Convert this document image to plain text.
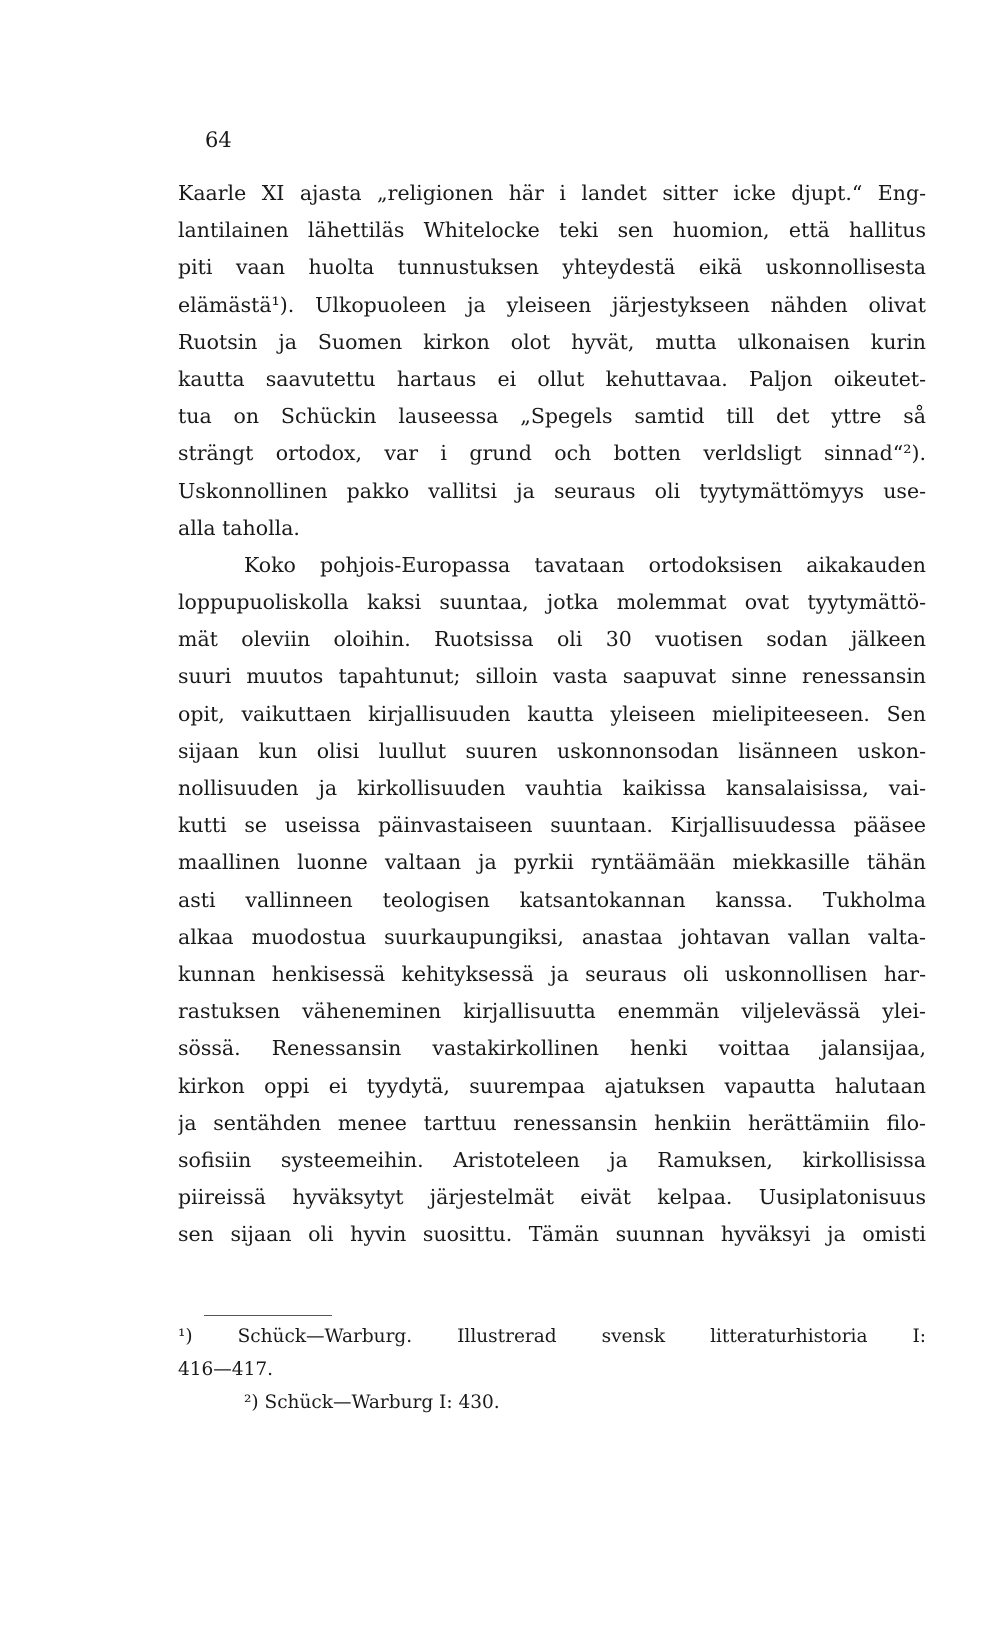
64
Kaarle XI ajasta „religionen här i landet sitter icke djupt.“ Eng-
lantilainen lähettiläs Whitelocke teki sen huomion, että hallitus
piti vaan huolta tunnustuksen yhteydestä eikä uskonnollisesta
elämästä¹). Ulkopuoleen ja yleiseen järjestykseen nähden olivat
Ruotsin ja Suomen kirkon olot hyvät, mutta ulkonaisen kurin
kautta saavutettu hartaus ei ollut kehuttavaa. Paljon oikeutet-
tua on Schückin lauseessa „Spegels samtid till det yttre så
strängt ortodox, var i grund och botten verldsligt sinnad“²).
Uskonnollinen pakko vallitsi ja seuraus oli tyytymättömyys use-
alla taholla.
Koko pohjois-Europassa tavataan ortodoksisen aikakauden
loppupuoliskolla kaksi suuntaa, jotka molemmat ovat tyytymättö-
mät oleviin oloihin. Ruotsissa oli 30 vuotisen sodan jälkeen
suuri muutos tapahtunut; silloin vasta saapuvat sinne renessansin
opit, vaikuttaen kirjallisuuden kautta yleiseen mielipiteeseen. Sen
sijaan kun olisi luullut suuren uskonnonsodan lisänneen uskon-
nollisuuden ja kirkollisuuden vauhtia kaikissa kansalaisissa, vai-
kutti se useissa päinvastaiseen suuntaan. Kirjallisuudessa pääsee
maallinen luonne valtaan ja pyrkii ryntäämään miekkasille tähän
asti vallinneen teologisen katsantokannan kanssa. Tukholma
alkaa muodostua suurkaupungiksi, anastaa johtavan vallan valta-
kunnan henkisessä kehityksessä ja seuraus oli uskonnollisen har-
rastuksen väheneminen kirjallisuutta enemmän viljelevässä ylei-
sössä. Renessansin vastakirkollinen henki voittaa jalansijaa,
kirkon oppi ei tyydytä, suurempaa ajatuksen vapautta halutaan
ja sentähden menee tarttuu renessansin henkiin herättämiin filo-
sofisiin systeemeihin. Aristoteleen ja Ramuksen, kirkollisissa
piireissä hyväksytyt järjestelmät eivät kelpaa. Uusiplatonisuus
sen sijaan oli hyvin suosittu. Tämän suunnan hyväksyi ja omisti
¹) Schück—Warburg. Illustrerad svensk litteraturhistoria I:
416—417.
²) Schück—Warburg I: 430.
